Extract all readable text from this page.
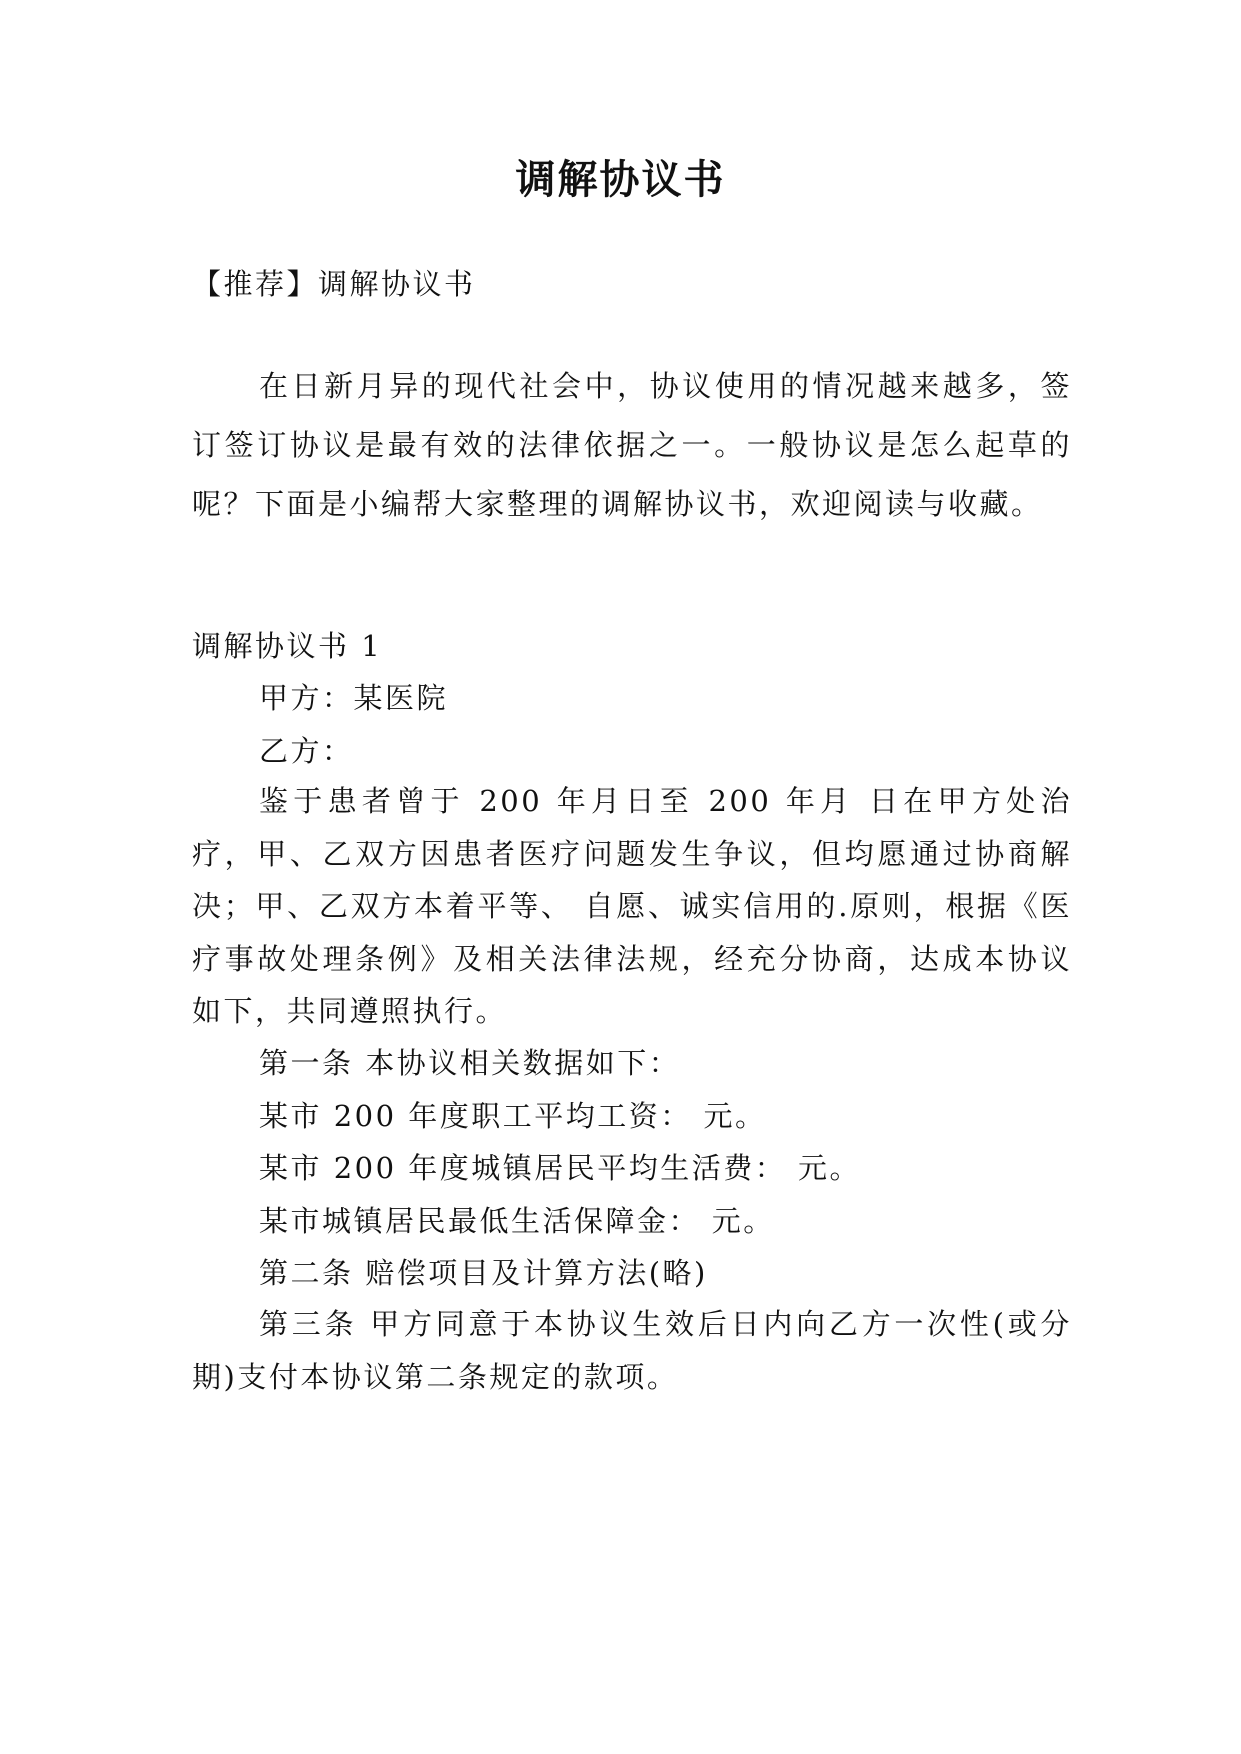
调解协议书

【推荐】调解协议书

在日新月异的现代社会中，协议使用的情况越来越多，签订签订协议是最有效的法律依据之一。一般协议是怎么起草的呢？下面是小编帮大家整理的调解协议书，欢迎阅读与收藏。

调解协议书 1

甲方：某医院

乙方：

鉴于患者曾于 200 年月日至 200 年月 日在甲方处治疗，甲、乙双方因患者医疗问题发生争议，但均愿通过协商解决；甲、乙双方本着平等、 自愿、诚实信用的.原则，根据《医疗事故处理条例》及相关法律法规，经充分协商，达成本协议如下，共同遵照执行。

第一条 本协议相关数据如下：

某市 200 年度职工平均工资： 元。

某市 200 年度城镇居民平均生活费： 元。

某市城镇居民最低生活保障金： 元。

第二条 赔偿项目及计算方法(略)

第三条 甲方同意于本协议生效后日内向乙方一次性(或分期)支付本协议第二条规定的款项。
